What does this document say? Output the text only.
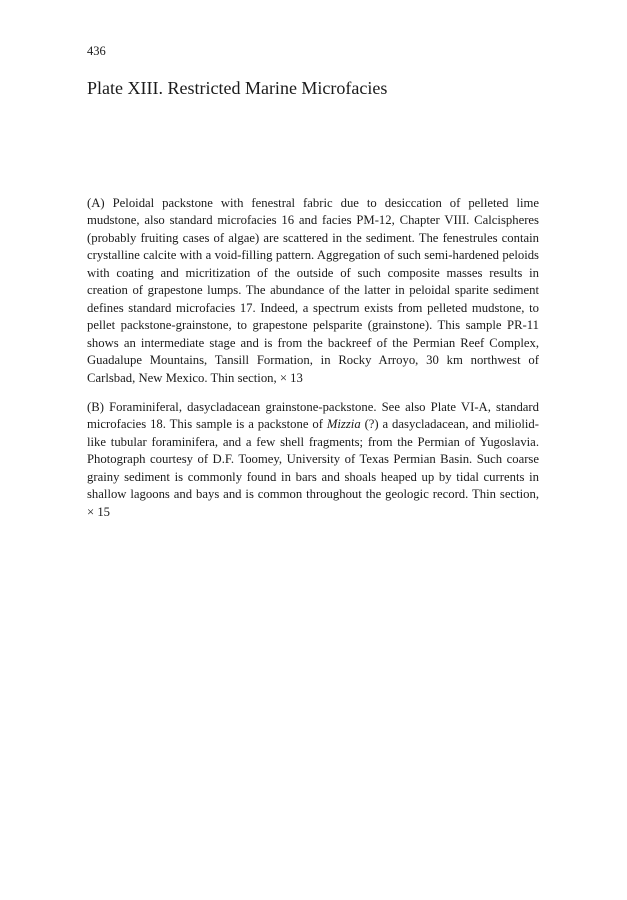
436
Plate XIII. Restricted Marine Microfacies

(A) Peloidal packstone with fenestral fabric due to desiccation of pelleted lime mudstone, also standard microfacies 16 and facies PM-12, Chapter VIII. Calcispheres (probably fruiting cases of algae) are scattered in the sediment. The fenestrules contain crystalline calcite with a void-filling pattern. Aggregation of such semi-hardened peloids with coating and micritization of the outside of such composite masses results in creation of grapestone lumps. The abundance of the latter in peloidal sparite sediment defines standard microfacies 17. Indeed, a spectrum exists from pelleted mudstone, to pellet packstone-grainstone, to grapestone pelsparite (grainstone). This sample PR-11 shows an intermediate stage and is from the backreef of the Permian Reef Complex, Guadalupe Mountains, Tansill Formation, in Rocky Arroyo, 30 km northwest of Carlsbad, New Mexico. Thin section, × 13

(B) Foraminiferal, dasycladacean grainstone-packstone. See also Plate VI-A, standard microfacies 18. This sample is a packstone of Mizzia (?) a dasycladacean, and miliolid-like tubular foraminifera, and a few shell fragments; from the Permian of Yugoslavia. Photograph courtesy of D.F. Toomey, University of Texas Permian Basin. Such coarse grainy sediment is commonly found in bars and shoals heaped up by tidal currents in shallow lagoons and bays and is common throughout the geologic record. Thin section, × 15
